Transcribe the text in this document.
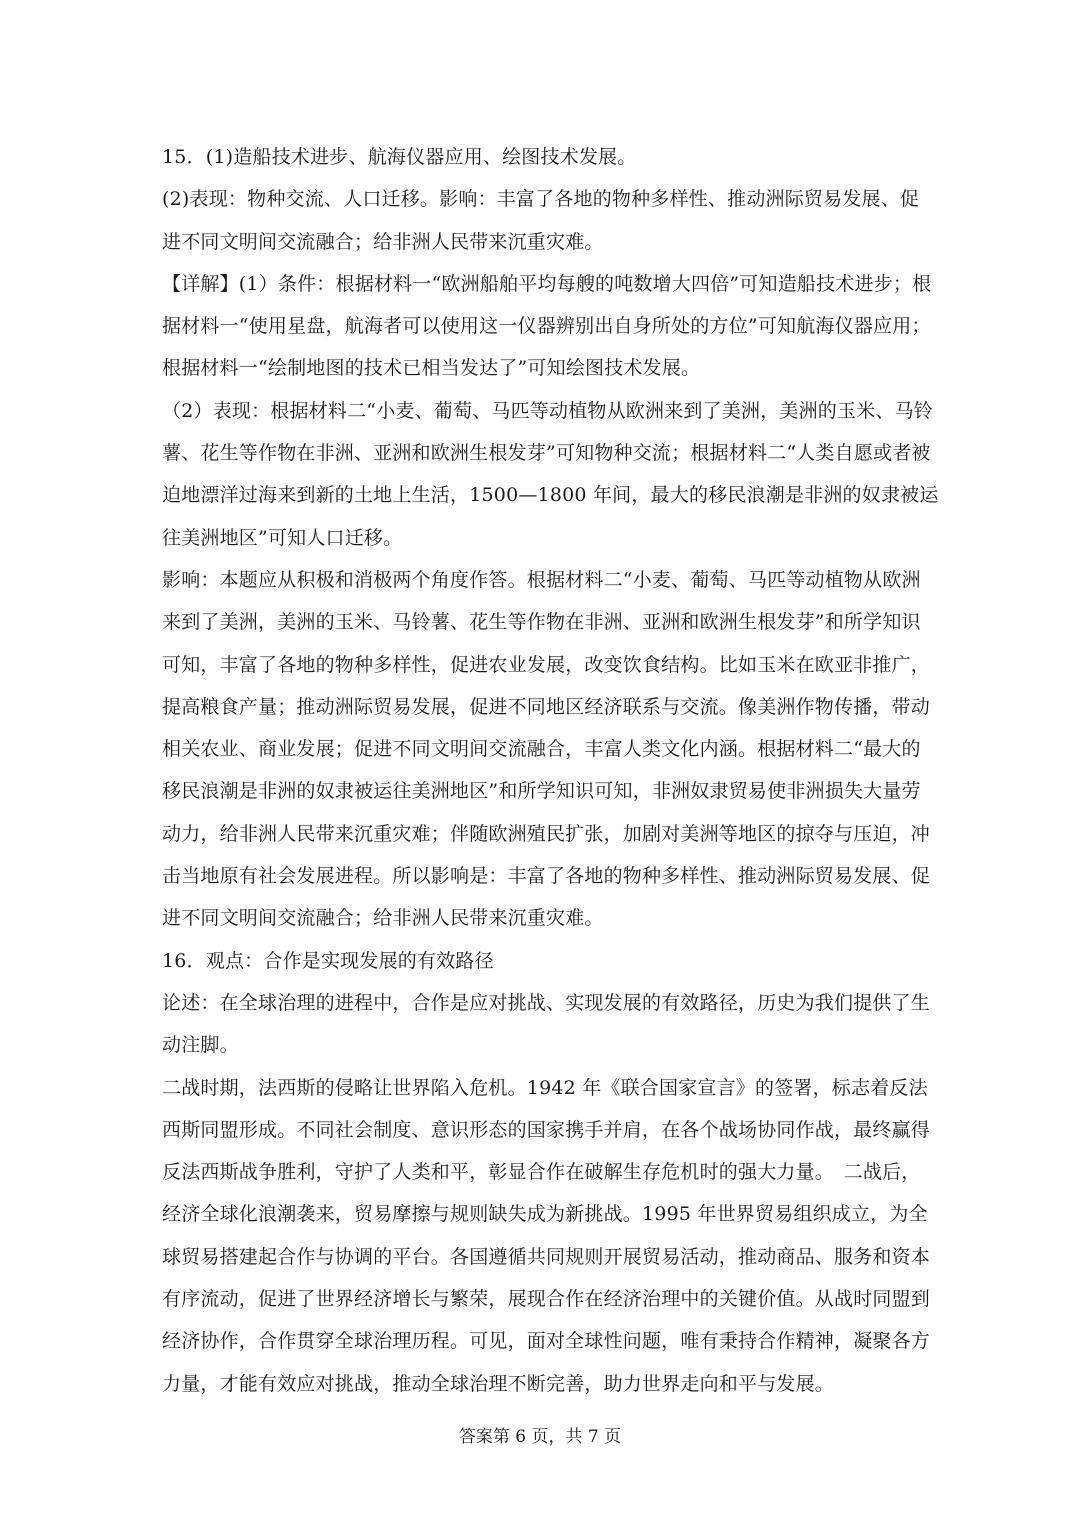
15．(1)造船技术进步、航海仪器应用、绘图技术发展。
(2)表现：物种交流、人口迁移。影响：丰富了各地的物种多样性、推动洲际贸易发展、促
进不同文明间交流融合；给非洲人民带来沉重灾难。
【详解】(1）条件：根据材料一“欧洲船舶平均每艘的吨数增大四倍”可知造船技术进步；根
据材料一“使用星盘，航海者可以使用这一仪器辨别出自身所处的方位”可知航海仪器应用；
根据材料一“绘制地图的技术已相当发达了”可知绘图技术发展。
（2）表现：根据材料二“小麦、葡萄、马匹等动植物从欧洲来到了美洲，美洲的玉米、马铃
薯、花生等作物在非洲、亚洲和欧洲生根发芽”可知物种交流；根据材料二“人类自愿或者被
迫地漂洋过海来到新的土地上生活，1500—1800 年间，最大的移民浪潮是非洲的奴隶被运
往美洲地区”可知人口迁移。
影响：本题应从积极和消极两个角度作答。根据材料二“小麦、葡萄、马匹等动植物从欧洲
来到了美洲，美洲的玉米、马铃薯、花生等作物在非洲、亚洲和欧洲生根发芽”和所学知识
可知，丰富了各地的物种多样性，促进农业发展，改变饮食结构。比如玉米在欧亚非推广，
提高粮食产量；推动洲际贸易发展，促进不同地区经济联系与交流。像美洲作物传播，带动
相关农业、商业发展；促进不同文明间交流融合，丰富人类文化内涵。根据材料二“最大的
移民浪潮是非洲的奴隶被运往美洲地区”和所学知识可知，非洲奴隶贸易使非洲损失大量劳
动力，给非洲人民带来沉重灾难；伴随欧洲殖民扩张，加剧对美洲等地区的掠夺与压迫，冲
击当地原有社会发展进程。所以影响是：丰富了各地的物种多样性、推动洲际贸易发展、促
进不同文明间交流融合；给非洲人民带来沉重灾难。
16．观点：合作是实现发展的有效路径
论述：在全球治理的进程中，合作是应对挑战、实现发展的有效路径，历史为我们提供了生
动注脚。
二战时期，法西斯的侵略让世界陷入危机。1942 年《联合国家宣言》的签署，标志着反法
西斯同盟形成。不同社会制度、意识形态的国家携手并肩，在各个战场协同作战，最终赢得
反法西斯战争胜利，守护了人类和平，彰显合作在破解生存危机时的强大力量。　二战后，
经济全球化浪潮袭来，贸易摩擦与规则缺失成为新挑战。1995 年世界贸易组织成立，为全
球贸易搭建起合作与协调的平台。各国遵循共同规则开展贸易活动，推动商品、服务和资本
有序流动，促进了世界经济增长与繁荣，展现合作在经济治理中的关键价值。从战时同盟到
经济协作，合作贯穿全球治理历程。可见，面对全球性问题，唯有秉持合作精神，凝聚各方
力量，才能有效应对挑战，推动全球治理不断完善，助力世界走向和平与发展。
答案第 6 页，共 7 页
